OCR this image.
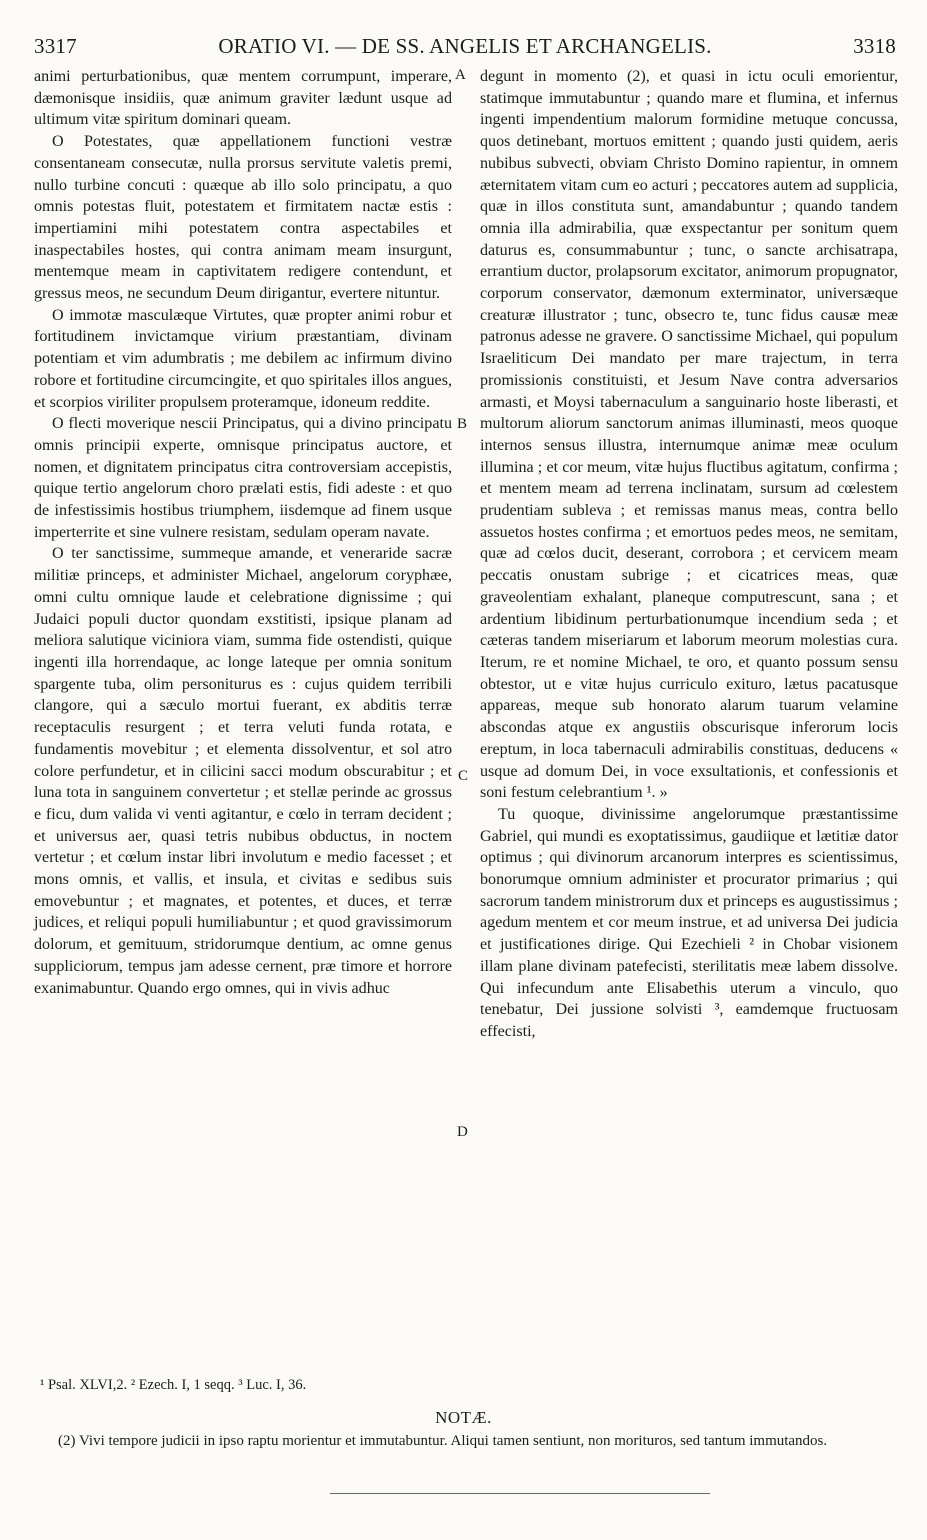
3317	ORATIO VI. — DE SS. ANGELIS ET ARCHANGELIS.	3318
A
B
C
D

animi perturbationibus, quæ mentem corrumpunt, imperare, dæmonisque insidiis, quæ animum graviter lædunt usque ad ultimum vitæ spiritum dominari queam.

O Potestates, quæ appellationem functioni vestræ consentaneam consecutæ, nulla prorsus servitute valetis premi, nullo turbine concuti : quæque ab illo solo principatu, a quo omnis potestas fluit, potestatem et firmitatem nactæ estis : impertiamini mihi potestatem contra aspectabiles et inaspectabiles hostes, qui contra animam meam insurgunt, mentemque meam in captivitatem redigere contendunt, et gressus meos, ne secundum Deum dirigantur, evertere nituntur.

O immotæ masculæque Virtutes, quæ propter animi robur et fortitudinem invictamque virium præstantiam, divinam potentiam et vim adumbratis ; me debilem ac infirmum divino robore et fortitudine circumcingite, et quo spiritales illos angues, et scorpios viriliter propulsem proteramque, idoneum reddite.

O flecti moverique nescii Principatus, qui a divino principatu omnis principii experte, omnisque principatus auctore, et nomen, et dignitatem principatus citra controversiam accepistis, quique tertio angelorum choro prælati estis, fidi adeste : et quo de infestissimis hostibus triumphem, iisdemque ad finem usque imperterrite et sine vulnere resistam, sedulam operam navate.

O ter sanctissime, summeque amande, et veneraride sacræ militiæ princeps, et administer Michael, angelorum coryphæe, omni cultu omnique laude et celebratione dignissime ; qui Judaici populi ductor quondam exstitisti, ipsique planam ad meliora salutique viciniora viam, summa fide ostendisti, quique ingenti illa horrendaque, ac longe lateque per omnia sonitum spargente tuba, olim personiturus es : cujus quidem terribili clangore, qui a sæculo mortui fuerant, ex abditis terræ receptaculis resurgent ; et terra veluti funda rotata, e fundamentis movebitur ; et elementa dissolventur, et sol atro colore perfundetur, et in cilicini sacci modum obscurabitur ; et luna tota in sanguinem convertetur ; et stellæ perinde ac grossus e ficu, dum valida vi venti agitantur, e cœlo in terram decident ; et universus aer, quasi tetris nubibus obductus, in noctem vertetur ; et cœlum instar libri involutum e medio facesset ; et mons omnis, et vallis, et insula, et civitas e sedibus suis emovebuntur ; et magnates, et potentes, et duces, et terræ judices, et reliqui populi humiliabuntur ; et quod gravissimorum dolorum, et gemituum, stridorumque dentium, ac omne genus suppliciorum, tempus jam adesse cernent, præ timore et horrore exanimabuntur. Quando ergo omnes, qui in vivis adhuc

degunt in momento (2), et quasi in ictu oculi emorientur, statimque immutabuntur ; quando mare et flumina, et infernus ingenti impendentium malorum formidine metuque concussa, quos detinebant, mortuos emittent ; quando justi quidem, aeris nubibus subvecti, obviam Christo Domino rapientur, in omnem æternitatem vitam cum eo acturi ; peccatores autem ad supplicia, quæ in illos constituta sunt, amandabuntur ; quando tandem omnia illa admirabilia, quæ exspectantur per sonitum quem daturus es, consummabuntur ; tunc, o sancte archisatrapa, errantium ductor, prolapsorum excitator, animorum propugnator, corporum conservator, dæmonum exterminator, universæque creaturæ illustrator ; tunc, obsecro te, tunc fidus causæ meæ patronus adesse ne gravere. O sanctissime Michael, qui populum Israeliticum Dei mandato per mare trajectum, in terra promissionis constituisti, et Jesum Nave contra adversarios armasti, et Moysi tabernaculum a sanguinario hoste liberasti, et multorum aliorum sanctorum animas illuminasti, meos quoque internos sensus illustra, internumque animæ meæ oculum illumina ; et cor meum, vitæ hujus fluctibus agitatum, confirma ; et mentem meam ad terrena inclinatam, sursum ad cœlestem prudentiam subleva ; et remissas manus meas, contra bello assuetos hostes confirma ; et emortuos pedes meos, ne semitam, quæ ad cœlos ducit, deserant, corrobora ; et cervicem meam peccatis onustam subrige ; et cicatrices meas, quæ graveolentiam exhalant, planeque computrescunt, sana ; et ardentium libidinum perturbationumque incendium seda ; et cæteras tandem miseriarum et laborum meorum molestias cura. Iterum, re et nomine Michael, te oro, et quanto possum sensu obtestor, ut e vitæ hujus curriculo exituro, lætus pacatusque appareas, meque sub honorato alarum tuarum velamine abscondas atque ex angustiis obscurisque inferorum locis ereptum, in loca tabernaculi admirabilis constituas, deducens « usque ad domum Dei, in voce exsultationis, et confessionis et soni festum celebrantium ¹. »

Tu quoque, divinissime angelorumque præstantissime Gabriel, qui mundi es exoptatissimus, gaudiique et lætitiæ dator optimus ; qui divinorum arcanorum interpres es scientissimus, bonorumque omnium administer et procurator primarius ; qui sacrorum tandem ministrorum dux et princeps es augustissimus ; agedum mentem et cor meum instrue, et ad universa Dei judicia et justificationes dirige. Qui Ezechieli ² in Chobar visionem illam plane divinam patefecisti, sterilitatis meæ labem dissolve. Qui infecundum ante Elisabethis uterum a vinculo, quo tenebatur, Dei jussione solvisti ³, eamdemque fructuosam effecisti,

¹ Psal. XLVI,2. ² Ezech. I, 1 seqq. ³ Luc. I, 36.
NOTÆ.
(2) Vivi tempore judicii in ipso raptu morientur et immutabuntur. Aliqui tamen sentiunt, non morituros, sed tantum immutandos.
